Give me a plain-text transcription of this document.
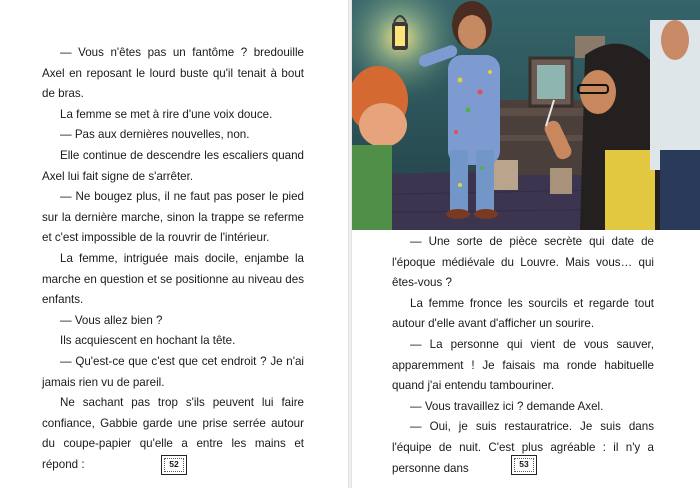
— Vous n'êtes pas un fantôme ? bredouille Axel en reposant le lourd buste qu'il tenait à bout de bras.

La femme se met à rire d'une voix douce.

— Pas aux dernières nouvelles, non.

Elle continue de descendre les escaliers quand Axel lui fait signe de s'arrêter.

— Ne bougez plus, il ne faut pas poser le pied sur la dernière marche, sinon la trappe se referme et c'est impossible de la rouvrir de l'intérieur.

La femme, intriguée mais docile, enjambe la marche en question et se positionne au niveau des enfants.

— Vous allez bien ?

Ils acquiescent en hochant la tête.

— Qu'est-ce que c'est que cet endroit ? Je n'ai jamais rien vu de pareil.

Ne sachant pas trop s'ils peuvent lui faire confiance, Gabbie garde une prise serrée autour du coupe-papier qu'elle a entre les mains et répond :	52

— Une sorte de pièce secrète qui date de l'époque médiévale du Louvre. Mais vous… qui êtes-vous ?

La femme fronce les sourcils et regarde tout autour d'elle avant d'afficher un sourire.

— La personne qui vient de vous sauver, apparemment ! Je faisais ma ronde habituelle quand j'ai entendu tambouriner.

— Vous travaillez ici ? demande Axel.

— Oui, je suis restauratrice. Je suis dans l'équipe de nuit. C'est plus agréable : il n'y a personne dans	53
